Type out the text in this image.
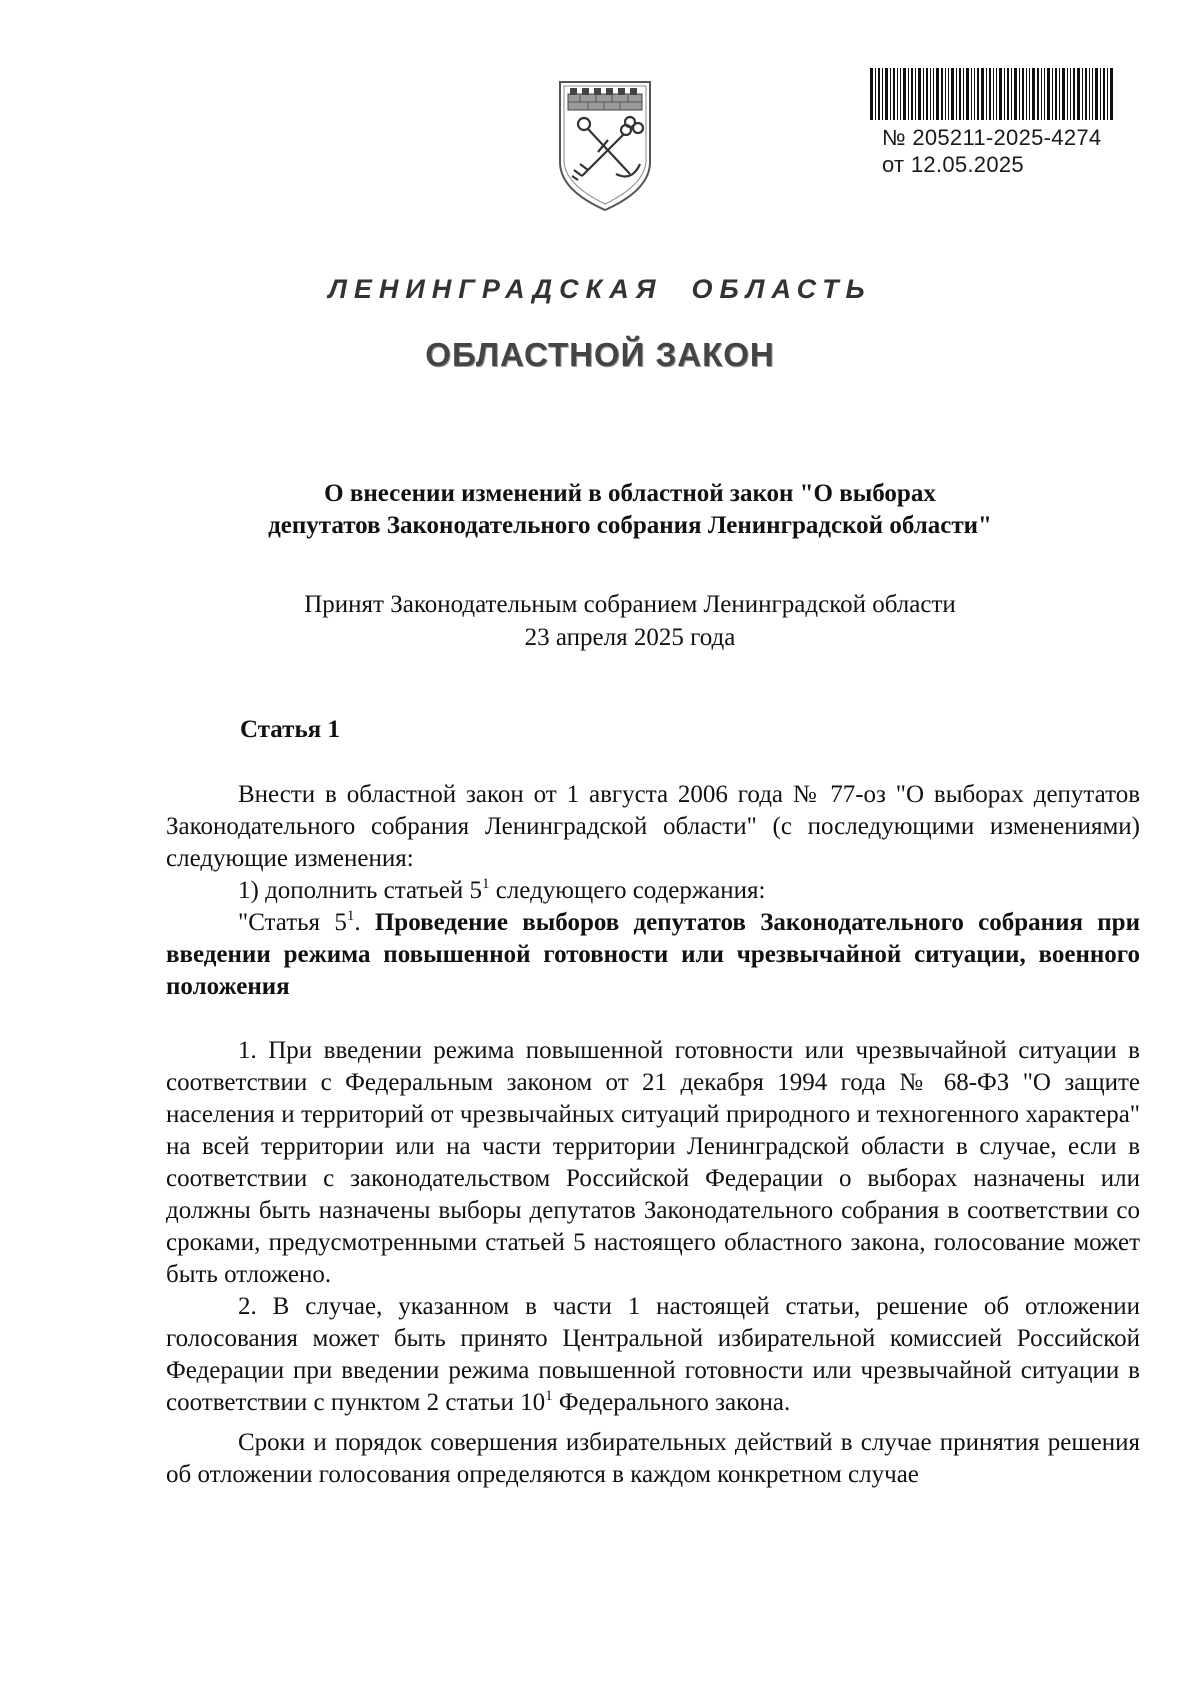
№ 205211-2025-4274
от 12.05.2025
ЛЕНИНГРАДСКАЯ  ОБЛАСТЬ
ОБЛАСТНОЙ ЗАКОН
О внесении изменений в областной закон "О выборах
депутатов Законодательного собрания Ленинградской области"
Принят Законодательным собранием Ленинградской области
23 апреля 2025 года
Статья 1

Внести в областной закон от 1 августа 2006 года № 77-оз "О выборах депутатов Законодательного собрания Ленинградской области" (с последующими изменениями) следующие изменения:

1) дополнить статьей $5^1$ следующего содержания:

"Статья $5^1$. Проведение выборов депутатов Законодательного собрания при введении режима повышенной готовности или чрезвычайной ситуации, военного положения

1. При введении режима повышенной готовности или чрезвычайной ситуации в соответствии с Федеральным законом от 21 декабря 1994 года № 68-ФЗ "О защите населения и территорий от чрезвычайных ситуаций природного и техногенного характера" на всей территории или на части территории Ленинградской области в случае, если в соответствии с законодательством Российской Федерации о выборах назначены или должны быть назначены выборы депутатов Законодательного собрания в соответствии со сроками, предусмотренными статьей 5 настоящего областного закона, голосование может быть отложено.

2. В случае, указанном в части 1 настоящей статьи, решение об отложении голосования может быть принято Центральной избирательной комиссией Российской Федерации при введении режима повышенной готовности или чрезвычайной ситуации в соответствии с пунктом 2 статьи $10^1$ Федерального закона.

Сроки и порядок совершения избирательных действий в случае принятия решения об отложении голосования определяются в каждом конкретном случае
